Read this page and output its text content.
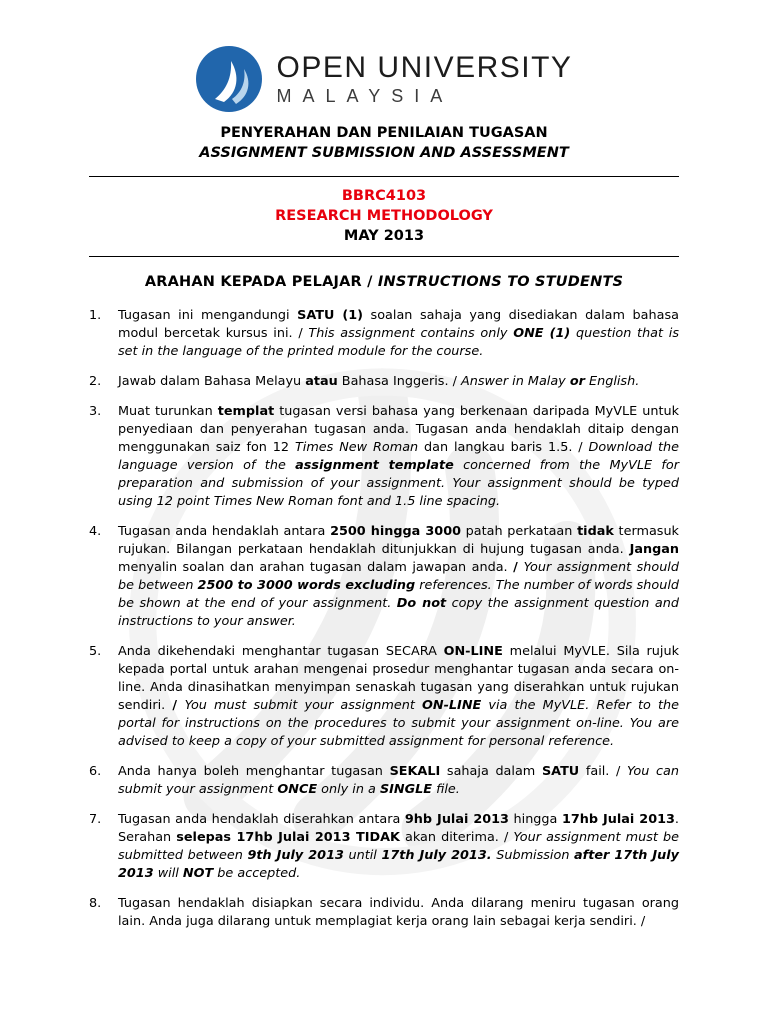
OPEN UNIVERSITY
MALAYSIA
PENYERAHAN DAN PENILAIAN TUGASAN
ASSIGNMENT SUBMISSION AND ASSESSMENT
BBRC4103
RESEARCH METHODOLOGY
MAY 2013
ARAHAN KEPADA PELAJAR / INSTRUCTIONS TO STUDENTS
1.	Tugasan ini mengandungi SATU (1) soalan sahaja yang disediakan dalam bahasa modul bercetak kursus ini. / This assignment contains only ONE (1) question that is set in the language of the printed module for the course.

2.	Jawab dalam Bahasa Melayu atau Bahasa Inggeris. / Answer in Malay or English.

3.	Muat turunkan templat tugasan versi bahasa yang berkenaan daripada MyVLE untuk penyediaan dan penyerahan tugasan anda. Tugasan anda hendaklah ditaip dengan menggunakan saiz fon 12 Times New Roman dan langkau baris 1.5. / Download the language version of the assignment template concerned from the MyVLE for preparation and submission of your assignment. Your assignment should be typed using 12 point Times New Roman font and 1.5 line spacing.

4.	Tugasan anda hendaklah antara 2500 hingga 3000 patah perkataan tidak termasuk rujukan. Bilangan perkataan hendaklah ditunjukkan di hujung tugasan anda. Jangan menyalin soalan dan arahan tugasan dalam jawapan anda. / Your assignment should be between 2500 to 3000 words excluding references. The number of words should be shown at the end of your assignment. Do not copy the assignment question and instructions to your answer.

5.	Anda dikehendaki menghantar tugasan SECARA ON-LINE melalui MyVLE. Sila rujuk kepada portal untuk arahan mengenai prosedur menghantar tugasan anda secara on-line. Anda dinasihatkan menyimpan senaskah tugasan yang diserahkan untuk rujukan sendiri. / You must submit your assignment ON-LINE via the MyVLE. Refer to the portal for instructions on the procedures to submit your assignment on-line. You are advised to keep a copy of your submitted assignment for personal reference.

6.	Anda hanya boleh menghantar tugasan SEKALI sahaja dalam SATU fail. / You can submit your assignment ONCE only in a SINGLE file.

7.	Tugasan anda hendaklah diserahkan antara 9hb Julai 2013 hingga 17hb Julai 2013. Serahan selepas 17hb Julai 2013 TIDAK akan diterima. / Your assignment must be submitted between 9th July 2013 until 17th July 2013. Submission after 17th July 2013 will NOT be accepted.

8.	Tugasan hendaklah disiapkan secara individu. Anda dilarang meniru tugasan orang lain. Anda juga dilarang untuk memplagiat kerja orang lain sebagai kerja sendiri. /
